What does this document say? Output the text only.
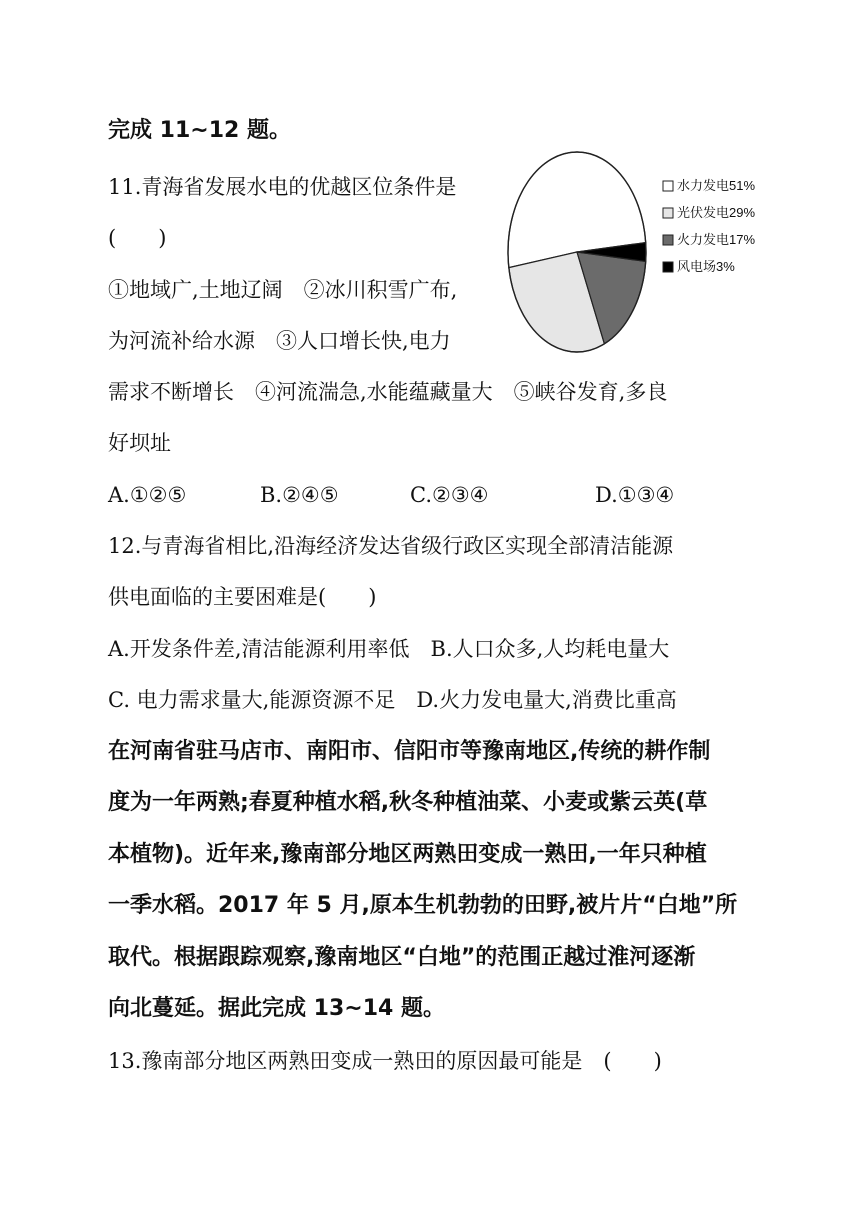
完成 11~12 题。
11.青海省发展水电的优越区位条件是
(　　)
①地域广,土地辽阔　②冰川积雪广布,
为河流补给水源　③人口增长快,电力
需求不断增长　④河流湍急,水能蕴藏量大　⑤峡谷发育,多良
好坝址
A.①②⑤	B.②④⑤	C.②③④	D.①③④
12.与青海省相比,沿海经济发达省级行政区实现全部清洁能源
供电面临的主要困难是(　　)
A.开发条件差,清洁能源利用率低　B.人口众多,人均耗电量大
C. 电力需求量大,能源资源不足　D.火力发电量大,消费比重高
在河南省驻马店市、南阳市、信阳市等豫南地区,传统的耕作制
度为一年两熟;春夏种植水稻,秋冬种植油菜、小麦或紫云英(草
本植物)。近年来,豫南部分地区两熟田变成一熟田,一年只种植
一季水稻。2017 年 5 月,原本生机勃勃的田野,被片片“白地”所
取代。根据跟踪观察,豫南地区“白地”的范围正越过淮河逐渐
向北蔓延。据此完成 13~14 题。
13.豫南部分地区两熟田变成一熟田的原因最可能是　(　　)
水力发电51%
光伏发电29%
火力发电17%
风电场3%
